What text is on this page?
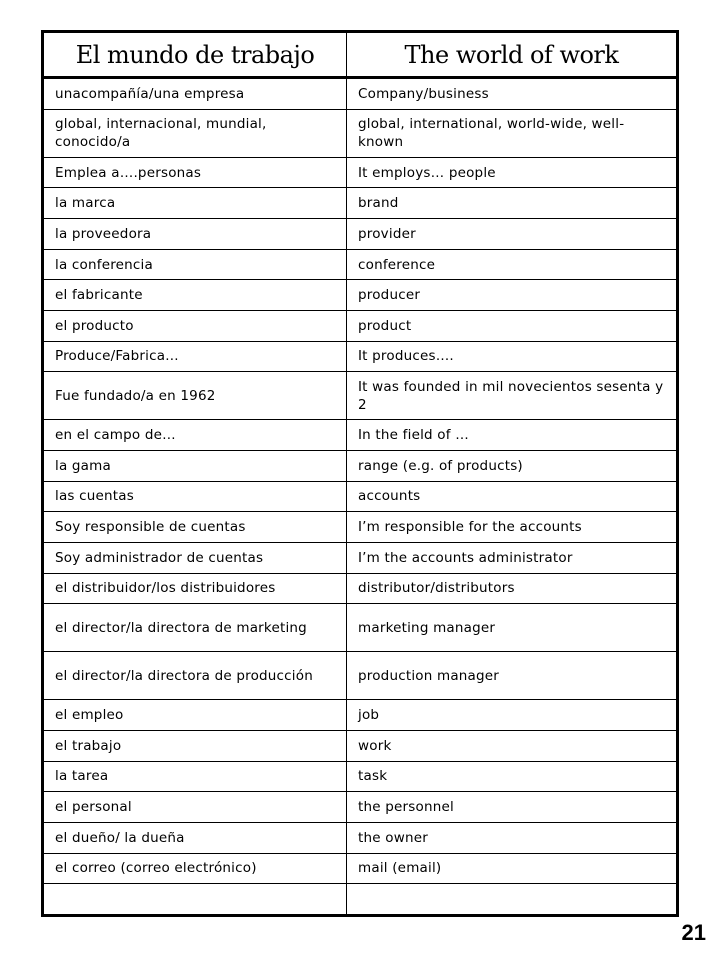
El mundo de trabajo	The world of work
unacompañía/una empresa	Company/business
global, internacional, mundial, conocido/a	global, international, world-wide, well-known
Emplea a….personas	It employs… people
la marca	brand
la proveedora	provider
la conferencia	conference
el fabricante	producer
el producto	product
Produce/Fabrica…	It produces….
Fue fundado/a en 1962	It was founded in mil novecientos sesenta y 2
en el campo de…	In the field of …
la gama	range (e.g. of products)
las cuentas	accounts
Soy responsible de cuentas	I’m responsible for the accounts
Soy administrador de cuentas	I’m the accounts administrator
el distribuidor/los distribuidores	distributor/distributors
el director/la directora de marketing	marketing manager
el director/la directora de producción	production manager
el empleo	job
el trabajo	work
la tarea	task
el personal	the personnel
el dueño/ la dueña	the owner
el correo (correo electrónico)	mail (email)

21
